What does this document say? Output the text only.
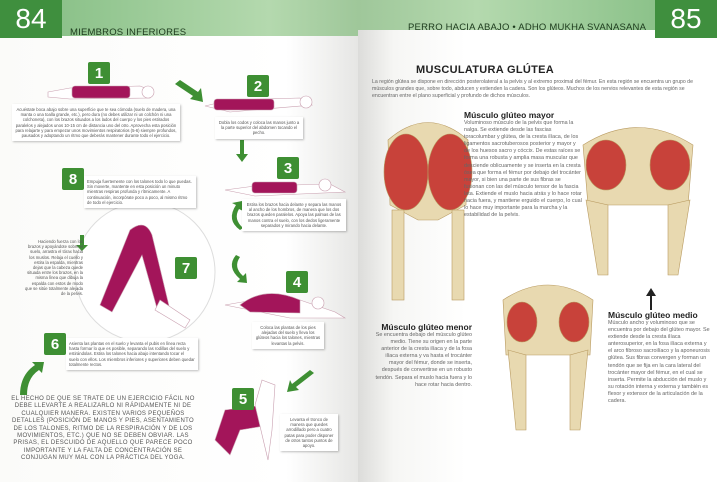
84	85
MIEMBROS INFERIORES	PERRO HACIA ABAJO • ADHO MUKHA SVANASANA
1
2
3
4
5
6
7
8
Acuéstate boca abajo sobre una superficie que te sea cómoda (suelo de madera, una manta o una toalla grande, etc.), pero dura (no debes utilizar ni un colchón ni una colchoneta), con los brazos situados a los lados del cuerpo y los pies estirados paralelos y alejados unos 10-15 cm de distancia uno del otro. Aprovecha esta posición para relajarte y para empezar unos movimientos respiratorios (5-6) siempre profundos, pausados y adoptando un ritmo que deberás mantener durante todo el ejercicio.
Dobla los codos y coloca las manos junto a la parte superior del abdomen tocando el pecho.
Estira los brazos hacia delante y separa las manos al ancho de los hombros, de manera que los dos brazos queden paralelos. Apoya las palmas de las manos contra el suelo, con los dedos ligeramente separados y mirando hacia delante.
Coloca las plantas de los pies alejadas del suelo y lleva los glúteos hacia los talones, mientras levantas la pelvis.
Levanta el tronco de manera que quedes arrodillado pero a cuatro patas para poder disponer de otros tantos puntos de apoyo.
Asienta las plantas en el suelo y levanta el pubis en línea recta hasta formar lo que es posible, separando las rodillas del suelo y estirándolas. Estira los talones hacia abajo intentando tocar el suelo con ellos. Los miembros inferiores y superiores deben quedar totalmente rectos.
Haciendo fuerza con los brazos y apoyándote sobre el suelo, arrastra el tórax hacia los muslos. Relaja el cuello y estira la espalda, mientras dejas que la cabeza quede situada entre los brazos, en la misma línea que dibuja la espalda con estos de modo que se sitúe totalmente alejada de la pelvis.
Empuja fuertemente con los talones todo lo que puedas. Sin moverte, mantente en esta posición un minuto mientras respiras profunda y rítmicamente. A continuación, incorpórate poco a poco, al mismo ritmo de todo el ejercicio.
EL HECHO DE QUE SE TRATE DE UN EJERCICIO FÁCIL NO DEBE LLEVARTE A REALIZARLO NI RÁPIDAMENTE NI DE CUALQUIER MANERA. EXISTEN VARIOS PEQUEÑOS DETALLES (POSICIÓN DE MANOS Y PIES, ASENTAMIENTO DE LOS TALONES, RITMO DE LA RESPIRACIÓN Y DE LOS MOVIMIENTOS, ETC.) QUE NO SE DEBEN OBVIAR. LAS PRISAS, EL DESCUIDO DE AQUELLO QUE PARECE POCO IMPORTANTE Y LA FALTA DE CONCENTRACIÓN SE CONJUGAN MUY MAL CON LA PRÁCTICA DEL YOGA.
MUSCULATURA GLÚTEA
La región glútea se dispone en dirección posterolateral a la pelvis y al extremo proximal del fémur. En esta región se encuentra un grupo de músculos grandes que, sobre todo, abducen y extienden la cadera. Son los glúteos. Muchos de los nervios relevantes de esta región se encuentran entre el plano superficial y profundo de dichos músculos.
Músculo glúteo mayor
Voluminoso músculo de la pelvis que forma la nalga. Se extiende desde las fascias toracolumbar y glútea, de la cresta ilíaca, de los ligamentos sacrotuberosos posterior y mayor y de los huesos sacro y cóccix. De estas raíces se forma una robusta y amplia masa muscular que desciende oblicuamente y se inserta en la cresta ósea que forma el fémur por debajo del trocánter mayor, si bien una parte de sus fibras se fusionan con las del músculo tensor de la fascia lata. Extiende el muslo hacia atrás y lo hace rotar hacia fuera, y mantiene erguido el cuerpo, lo cual lo hace muy importante para la marcha y la estabilidad de la pelvis.
Músculo glúteo menor
Se encuentra debajo del músculo glúteo medio. Tiene su origen en la parte anterior de la cresta ilíaca y de la fosa ilíaca externa y va hasta el trocánter mayor del fémur, donde se inserta, después de convertirse en un robusto tendón. Separa el muslo hacia fuera y lo hace rotar hacia dentro.
Músculo glúteo medio
Músculo ancho y voluminoso que se encuentra por debajo del glúteo mayor. Se extiende desde la cresta ilíaca anterosuperior, en la fosa ilíaca externa y el arco fibroso sacroilíaco y la aponeurosis glútea. Sus fibras convergen y forman un tendón que se fija en la cara lateral del trocánter mayor del fémur, en el cual se inserta. Permite la abducción del muslo y su rotación interna y externa y también es flexor y extensor de la articulación de la cadera.
